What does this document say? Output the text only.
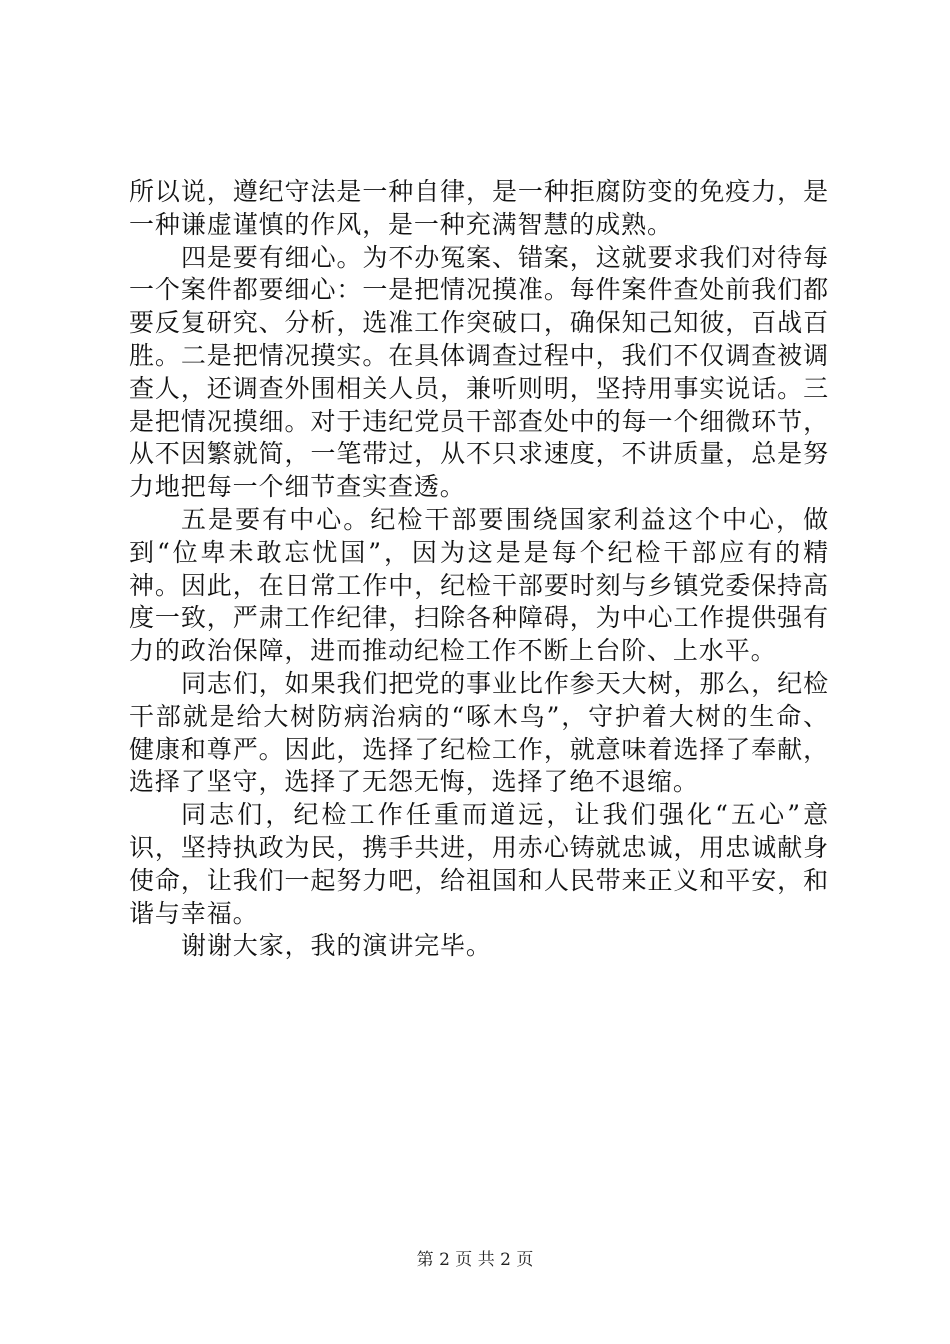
所以说，遵纪守法是一种自律，是一种拒腐防变的免疫力，是一种谦虚谨慎的作风，是一种充满智慧的成熟。

四是要有细心。为不办冤案、错案，这就要求我们对待每一个案件都要细心：一是把情况摸准。每件案件查处前我们都要反复研究、分析，选准工作突破口，确保知己知彼，百战百胜。二是把情况摸实。在具体调查过程中，我们不仅调查被调查人，还调查外围相关人员，兼听则明，坚持用事实说话。三是把情况摸细。对于违纪党员干部查处中的每一个细微环节，从不因繁就简，一笔带过，从不只求速度，不讲质量，总是努力地把每一个细节查实查透。

五是要有中心。纪检干部要围绕国家利益这个中心，做到“位卑未敢忘忧国”，因为这是是每个纪检干部应有的精神。因此，在日常工作中，纪检干部要时刻与乡镇党委保持高度一致，严肃工作纪律，扫除各种障碍，为中心工作提供强有力的政治保障，进而推动纪检工作不断上台阶、上水平。

同志们，如果我们把党的事业比作参天大树，那么，纪检干部就是给大树防病治病的“啄木鸟”，守护着大树的生命、健康和尊严。因此，选择了纪检工作，就意味着选择了奉献，选择了坚守，选择了无怨无悔，选择了绝不退缩。

同志们，纪检工作任重而道远，让我们强化“五心”意识，坚持执政为民，携手共进，用赤心铸就忠诚，用忠诚献身使命，让我们一起努力吧，给祖国和人民带来正义和平安，和谐与幸福。

谢谢大家，我的演讲完毕。

第 2 页 共 2 页
